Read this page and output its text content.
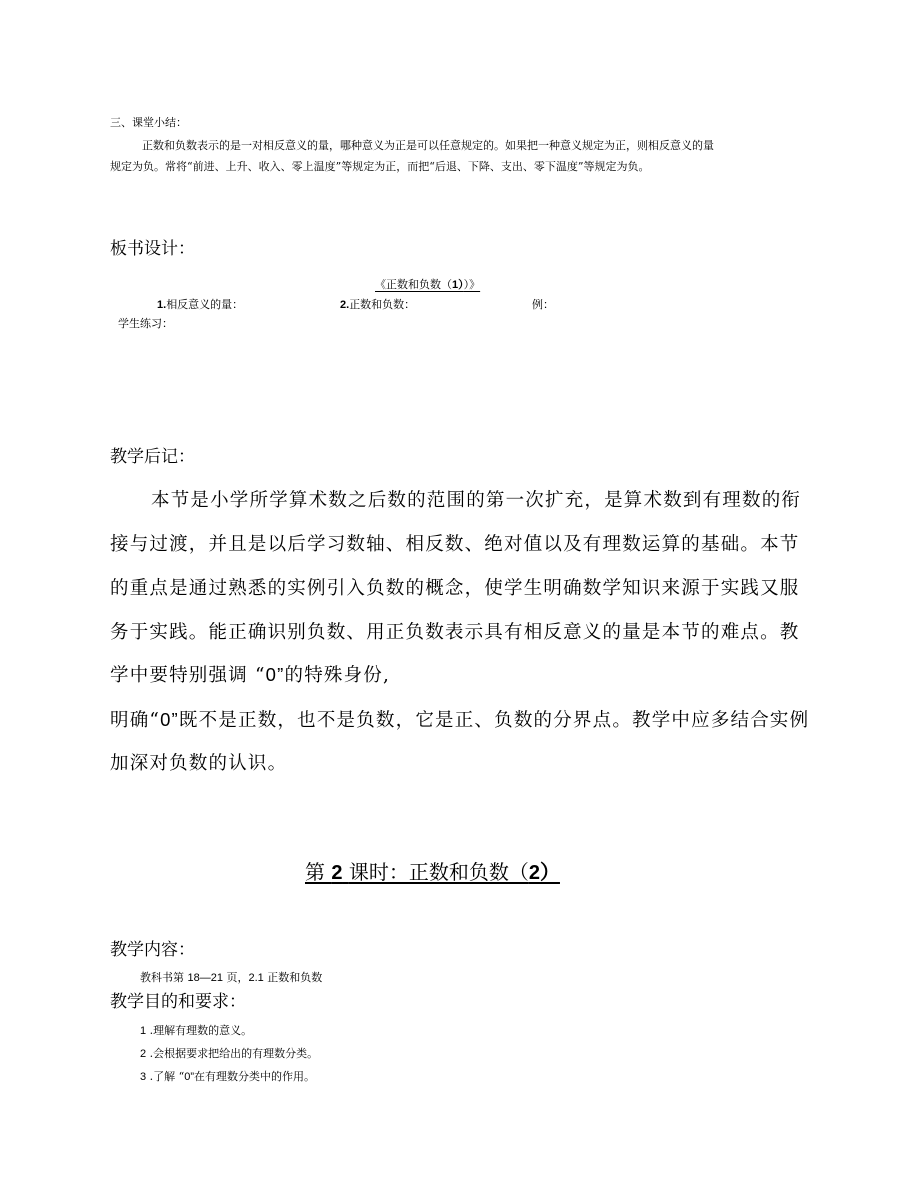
三、课堂小结：
正数和负数表示的是一对相反意义的量，哪种意义为正是可以任意规定的。如果把一种意义规定为正，则相反意义的量
规定为负。常将“前进、上升、收入、零上温度”等规定为正，而把“后退、下降、支出、零下温度”等规定为负。
板书设计：
《正数和负数（1））》
1.相反意义的量：	2.正数和负数：	例：
学生练习：
教学后记：
本节是小学所学算术数之后数的范围的第一次扩充，是算术数到有理数的衔
接与过渡，并且是以后学习数轴、相反数、绝对值以及有理数运算的基础。本节
的重点是通过熟悉的实例引入负数的概念，使学生明确数学知识来源于实践又服
务于实践。能正确识别负数、用正负数表示具有相反意义的量是本节的难点。教
学中要特别强调 “0”的特殊身份,
明确“0”既不是正数，也不是负数，它是正、负数的分界点。教学中应多结合实例
加深对负数的认识。
第 2 课时：正数和负数（2）
教学内容：
教科书第 18—21 页，2.1 正数和负数
教学目的和要求：
1 .理解有理数的意义。
2 .会根据要求把给出的有理数分类。
3 .了解 “0”在有理数分类中的作用。
